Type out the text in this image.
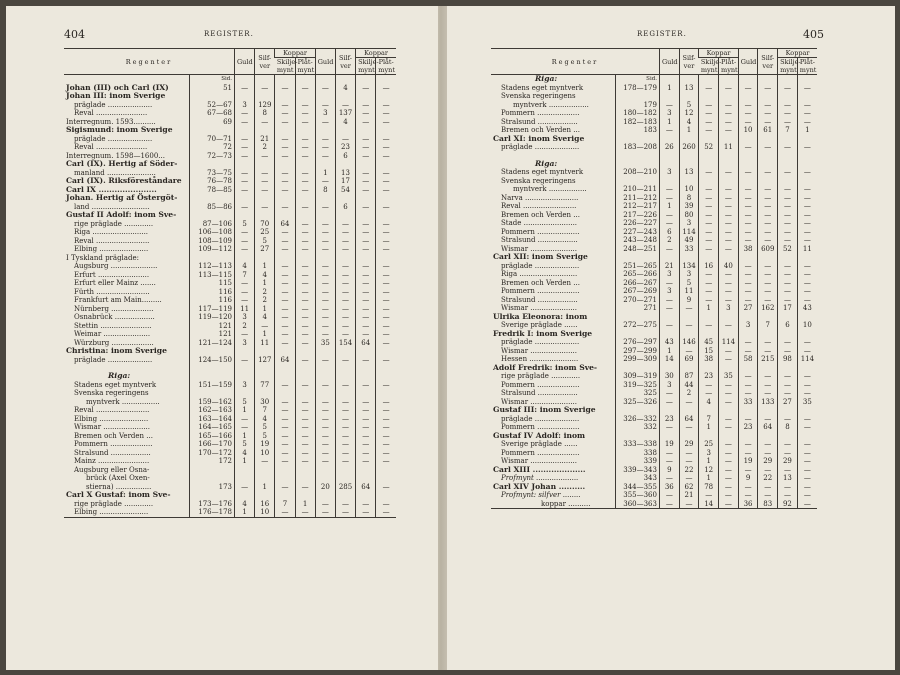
404	REGISTER.
Regenter		Guld	Silf-
ver	Koppar		Guld	Silf-
ver	Koppar	
				Skilje-
mynt	Plåt-
mynt			Skilje-
mynt	Plåt-
mynt
	Sid.								
Johan (III) och Carl (IX)	51	—	—	—	—	—	4	—	—
Johan III: inom Sverige									
präglade ....................	52—67	3	129	—	—	—	—	—	—
Reval .......................	67—68	—	8	—	—	3	137	—	—
Interregnum. 1593..........	69	—	—	—	—	—	4	—	—
Sigismund: inom Sverige									
präglade ....................	70—71	—	21	—	—	—	—	—	—
Reval .......................	72	—	2	—	—	—	23	—	—
Interregnum. 1598—1600...	72—73	—	—	—	—	—	6	—	—
Carl (IX). Hertig af Söder-									
manland ......................	73—75	—	—	—	—	1	13	—	—
Carl (IX). Riksföreståndare	76—78	—	—	—	—	—	17	—	—
Carl IX ......................	78—85	—	—	—	—	8	54	—	—
Johan. Hertig af Östergöt-									
land ..........................	85—86	—	—	—	—	—	6	—	—
Gustaf II Adolf: inom Sve-									
rige präglade .............	87—106	5	70	64	—	—	—	—	—
Riga .........................	106—108	—	25	—	—	—	—	—	—
Reval ........................	108—109	—	5	—	—	—	—	—	—
Elbing ......................	109—112	—	27	—	—	—	—	—	—
I Tyskland präglade:									
Augsburg .....................	112—113	4	1	—	—	—	—	—	—
Erfurt .......................	113—115	7	4	—	—	—	—	—	—
Erfurt eller Mainz .......	115	—	1	—	—	—	—	—	—
Fürth ........................	116	—	2	—	—	—	—	—	—
Frankfurt am Main.........	116	—	2	—	—	—	—	—	—
Nürnberg ...................	117—119	11	1	—	—	—	—	—	—
Osnabrück ..................	119—120	3	4	—	—	—	—	—	—
Stettin .......................	121	2	—	—	—	—	—	—	—
Weimar .....................	121	—	1	—	—	—	—	—	—
Würzburg ...................	121—124	3	11	—	—	35	154	64	—
Christina: inom Sverige									
präglade ....................	124—150	—	127	64	—	—	—	—	—

Riga:									
Stadens eget myntverk	151—159	3	77	—	—	—	—	—	—
Svenska regeringens									
myntverk .................	159—162	5	30	—	—	—	—	—	—
Reval ........................	162—163	1	7	—	—	—	—	—	—
Elbing ......................	163—164	—	4	—	—	—	—	—	—
Wismar .....................	164—165	—	5	—	—	—	—	—	—
Bremen och Verden ...	165—166	1	5	—	—	—	—	—	—
Pommern ...................	166—170	5	19	—	—	—	—	—	—
Stralsund ..................	170—172	4	10	—	—	—	—	—	—
Mainz .......................	172	1	—	—	—	—	—	—	—
Augsburg eller Osna-									
brück (Axel Oxen-									
stierna) ................	173	—	1	—	—	20	285	64	—
Carl X Gustaf: inom Sve-									
rige präglade .............	173—176	4	16	7	1	—	—	—	—
Elbing ......................	176—178	1	10	—	—	—	—	—	—
405
REGISTER.
Regenter		Guld	Silf-
ver	Koppar		Guld	Silf-
ver	Koppar	
				Skilje-
mynt	Plåt-
mynt			Skilje-
mynt	Plåt-
mynt
Riga:	Sid.								
Stadens eget myntverk	178—179	1	13	—	—	—	—	—	—
Svenska regeringens									
myntverk ..................	179	—	5	—	—	—	—	—	—
Pommern ...................	180—182	3	12	—	—	—	—	—	—
Stralsund ..................	182—183	1	4	—	—	—	—	—	—
Bremen och Verden ...	183	—	1	—	—	10	61	7	1
Carl XI: inom Sverige									
präglade ....................	183—208	26	260	52	11	—	—	—	—

Riga:									
Stadens eget myntverk	208—210	3	13	—	—	—	—	—	—
Svenska regeringens									
myntverk .................	210—211	—	10	—	—	—	—	—	—
Narva ........................	211—212	—	8	—	—	—	—	—	—
Reval ........................	212—217	1	39	—	—	—	—	—	—
Bremen och Verden ...	217—226	—	80	—	—	—	—	—	—
Stade ........................	226—227	—	3	—	—	—	—	—	—
Pommern ...................	227—243	6	114	—	—	—	—	—	—
Stralsund ..................	243—248	2	49	—	—	—	—	—	—
Wismar .....................	248—251	—	33	—	—	38	609	52	11
Carl XII: inom Sverige									
präglade ....................	251—265	21	134	16	40	—	—	—	—
Riga ..........................	265—266	3	3	—	—	—	—	—	—
Bremen och Verden ...	266—267	—	5	—	—	—	—	—	—
Pommern ...................	267—269	3	11	—	—	—	—	—	—
Stralsund ..................	270—271	—	9	—	—	—	—	—	—
Wismar .....................	271	—	—	1	3	27	162	17	43
Ulrika Eleonora: inom									
Sverige präglade ......	272—275	—	—	—	—	3	7	6	10
Fredrik I: inom Sverige									
präglade ....................	276—297	43	146	45	114	—	—	—	—
Wismar .....................	297—299	1	—	15	—	—	—	—	—
Hessen ......................	299—309	14	69	38	—	58	215	98	114
Adolf Fredrik: inom Sve-									
rige präglade .............	309—319	30	87	23	35	—	—	—	—
Pommern ...................	319—325	3	44	—	—	—	—	—	—
Stralsund ..................	325	—	2	—	—	—	—	—	—
Wismar .....................	325—326	—	—	4	—	33	133	27	35
Gustaf III: inom Sverige									
präglade ....................	326—332	23	64	7	—	—	—	—	—
Pommern ...................	332	—	—	1	—	23	64	8	—
Gustaf IV Adolf: inom									
Sverige präglade ......	333—338	19	29	25	—	—	—	—	—
Pommern ...................	338	—	—	3	—	—	—	—	—
Wismar .....................	339	—	—	1	—	19	29	29	—
Carl XIII ....................	339—343	9	22	12	—	—	—	—	—
Profmynt ...................	343	—	—	1	—	9	22	13	—
Carl XIV Johan ..........	344—355	36	62	78	—	—	—	—	—
Profmynt: silfver ........	355—360	—	21	—	—	—	—	—	—
koppar ..........	360—363	—	—	14	—	36	83	92	—
